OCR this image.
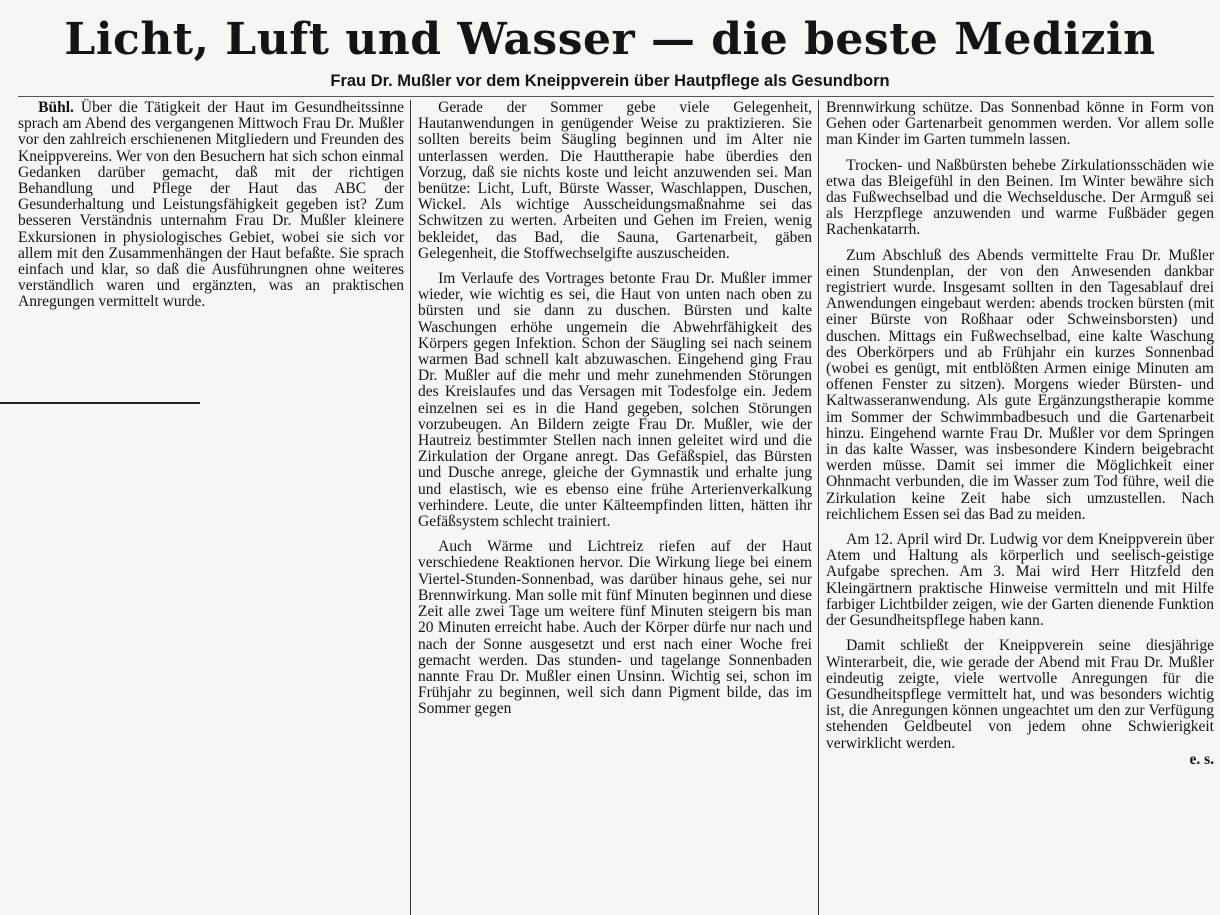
Licht, Luft und Wasser — die beste Medizin
Frau Dr. Mußler vor dem Kneippverein über Hautpflege als Gesundborn

Bühl. Über die Tätigkeit der Haut im Gesundheitssinne sprach am Abend des vergangenen Mittwoch Frau Dr. Mußler vor den zahlreich erschienenen Mitgliedern und Freunden des Kneippvereins. Wer von den Besuchern hat sich schon einmal Gedanken darüber gemacht, daß mit der richtigen Behandlung und Pflege der Haut das ABC der Gesunderhaltung und Leistungsfähigkeit gegeben ist? Zum besseren Verständnis unternahm Frau Dr. Mußler kleinere Exkursionen in physiologisches Gebiet, wobei sie sich vor allem mit den Zusammenhängen der Haut befaßte. Sie sprach einfach und klar, so daß die Ausführungnen ohne weiteres verständlich waren und ergänzten, was an praktischen Anregungen vermittelt wurde.

Gerade der Sommer gebe viele Gelegenheit, Hautanwendungen in genügender Weise zu praktizieren. Sie sollten bereits beim Säugling beginnen und im Alter nie unterlassen werden. Die Hauttherapie habe überdies den Vorzug, daß sie nichts koste und leicht anzuwenden sei. Man benütze: Licht, Luft, Bürste Wasser, Waschlappen, Duschen, Wickel. Als wichtige Ausscheidungsmaßnahme sei das Schwitzen zu werten. Arbeiten und Gehen im Freien, wenig bekleidet, das Bad, die Sauna, Gartenarbeit, gäben Gelegenheit, die Stoffwechselgifte auszuscheiden.

Im Verlaufe des Vortrages betonte Frau Dr. Mußler immer wieder, wie wichtig es sei, die Haut von unten nach oben zu bürsten und sie dann zu duschen. Bürsten und kalte Waschungen erhöhe ungemein die Abwehrfähigkeit des Körpers gegen Infektion. Schon der Säugling sei nach seinem warmen Bad schnell kalt abzuwaschen. Eingehend ging Frau Dr. Mußler auf die mehr und mehr zunehmenden Störungen des Kreislaufes und das Versagen mit Todesfolge ein. Jedem einzelnen sei es in die Hand gegeben, solchen Störungen vorzubeugen. An Bildern zeigte Frau Dr. Mußler, wie der Hautreiz bestimmter Stellen nach innen geleitet wird und die Zirkulation der Organe anregt. Das Gefäßspiel, das Bürsten und Dusche anrege, gleiche der Gymnastik und erhalte jung und elastisch, wie es ebenso eine frühe Arterienverkalkung verhindere. Leute, die unter Kälteempfinden litten, hätten ihr Gefäßsystem schlecht trainiert.

Auch Wärme und Lichtreiz riefen auf der Haut verschiedene Reaktionen hervor. Die Wirkung liege bei einem Viertel-Stunden-Sonnenbad, was darüber hinaus gehe, sei nur Brennwirkung. Man solle mit fünf Minuten beginnen und diese Zeit alle zwei Tage um weitere fünf Minuten steigern bis man 20 Minuten erreicht habe. Auch der Körper dürfe nur nach und nach der Sonne ausgesetzt und erst nach einer Woche frei gemacht werden. Das stunden- und tagelange Sonnenbaden nannte Frau Dr. Mußler einen Unsinn. Wichtig sei, schon im Frühjahr zu beginnen, weil sich dann Pigment bilde, das im Sommer gegen

Brennwirkung schütze. Das Sonnenbad könne in Form von Gehen oder Gartenarbeit genommen werden. Vor allem solle man Kinder im Garten tummeln lassen.

Trocken- und Naßbürsten behebe Zirkulationsschäden wie etwa das Bleigefühl in den Beinen. Im Winter bewähre sich das Fußwechselbad und die Wechseldusche. Der Armguß sei als Herzpflege anzuwenden und warme Fußbäder gegen Rachenkatarrh.

Zum Abschluß des Abends vermittelte Frau Dr. Mußler einen Stundenplan, der von den Anwesenden dankbar registriert wurde. Insgesamt sollten in den Tagesablauf drei Anwendungen eingebaut werden: abends trocken bürsten (mit einer Bürste von Roßhaar oder Schweinsborsten) und duschen. Mittags ein Fußwechselbad, eine kalte Waschung des Oberkörpers und ab Frühjahr ein kurzes Sonnenbad (wobei es genügt, mit entblößten Armen einige Minuten am offenen Fenster zu sitzen). Morgens wieder Bürsten- und Kaltwasseranwendung. Als gute Ergänzungstherapie komme im Sommer der Schwimmbadbesuch und die Gartenarbeit hinzu. Eingehend warnte Frau Dr. Mußler vor dem Springen in das kalte Wasser, was insbesondere Kindern beigebracht werden müsse. Damit sei immer die Möglichkeit einer Ohnmacht verbunden, die im Wasser zum Tod führe, weil die Zirkulation keine Zeit habe sich umzustellen. Nach reichlichem Essen sei das Bad zu meiden.

Am 12. April wird Dr. Ludwig vor dem Kneippverein über Atem und Haltung als körperlich und seelisch-geistige Aufgabe sprechen. Am 3. Mai wird Herr Hitzfeld den Kleingärtnern praktische Hinweise vermitteln und mit Hilfe farbiger Lichtbilder zeigen, wie der Garten dienende Funktion der Gesundheitspflege haben kann.

Damit schließt der Kneippverein seine diesjährige Winterarbeit, die, wie gerade der Abend mit Frau Dr. Mußler eindeutig zeigte, viele wertvolle Anregungen für die Gesundheitspflege vermittelt hat, und was besonders wichtig ist, die Anregungen können ungeachtet um den zur Verfügung stehenden Geldbeutel von jedem ohne Schwierigkeit verwirklicht werden.

e. s.
